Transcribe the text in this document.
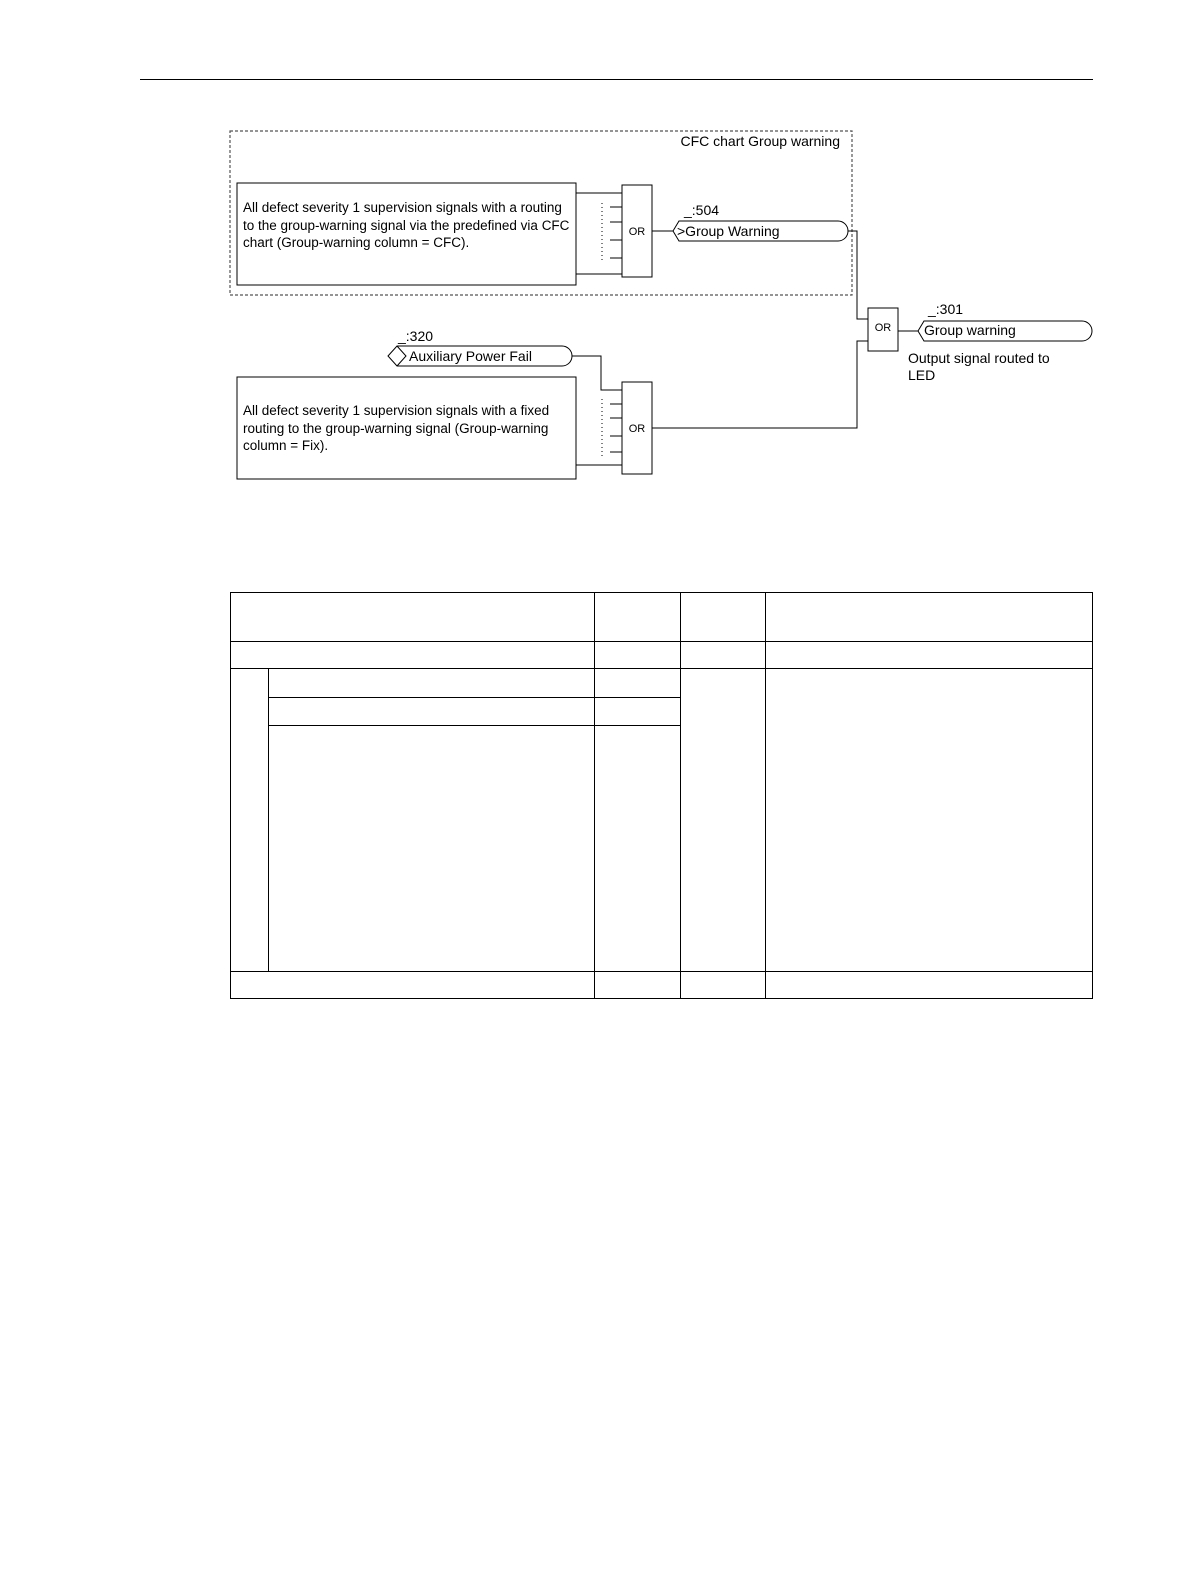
CFC chart Group warning
OR
_:504
>Group Warning
OR
_:301
Group warning
Output signal routed to
LED
_:320
Auxiliary Power Fail
OR
All defect severity 1 supervision signals with a routing to the group-warning signal via the predefined via CFC chart (Group-warning column = CFC).
All defect severity 1 supervision signals with a fixed routing to the group-warning signal (Group-warning column = Fix).
